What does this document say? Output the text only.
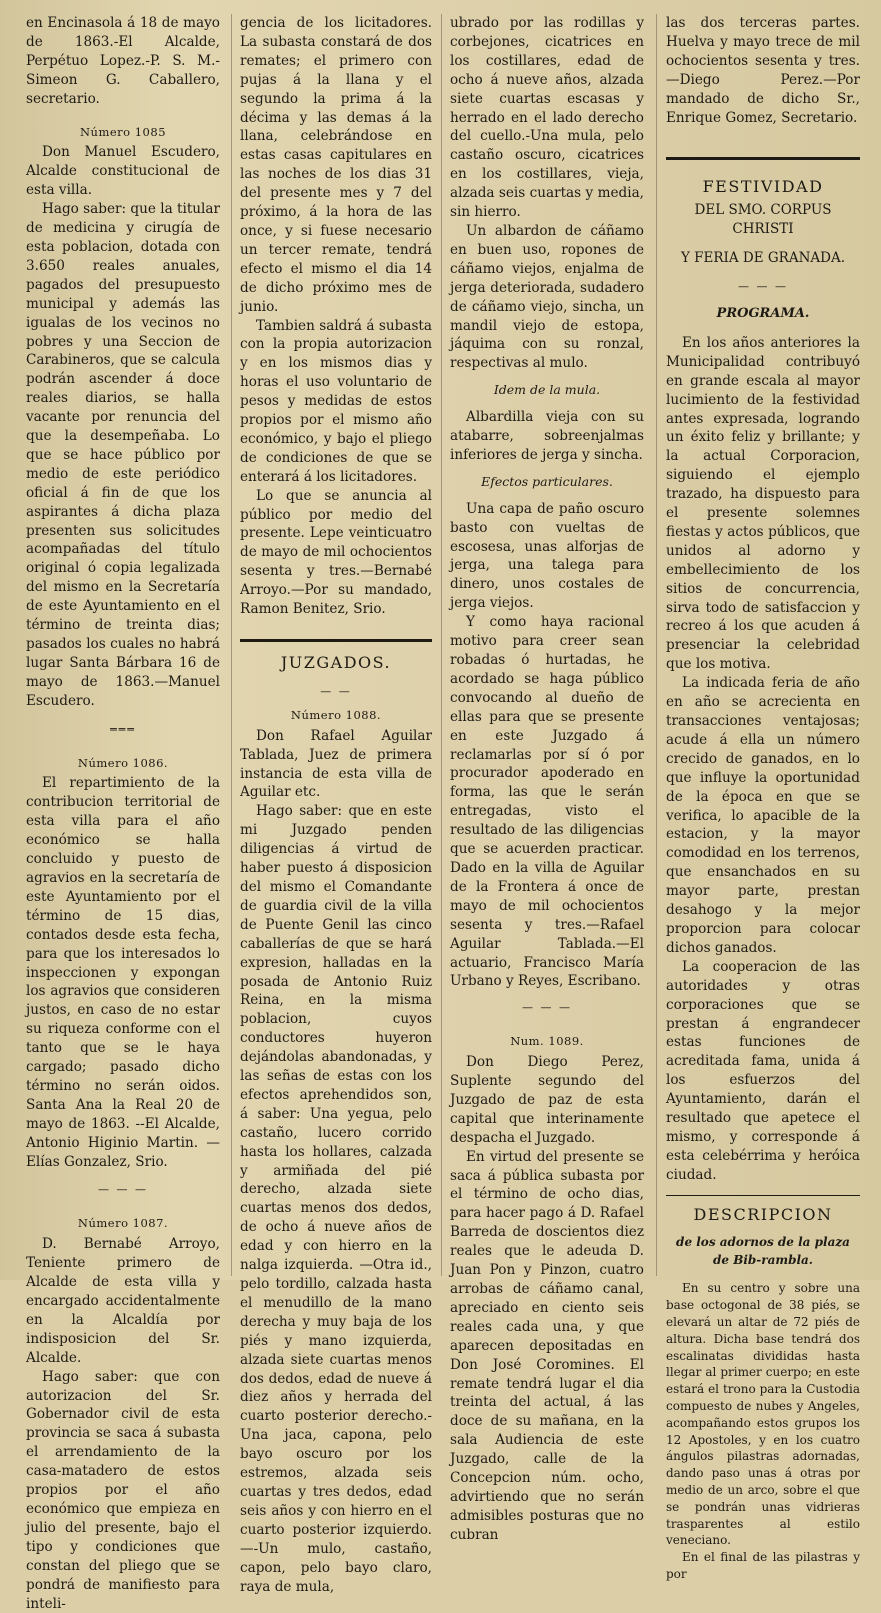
en Encinasola á 18 de mayo de 1863.-El Alcalde, Perpétuo Lopez.-P. S. M.-Simeon G. Caballero, secretario.

Número 1085

Don Manuel Escudero, Alcalde constitucional de esta villa.

Hago saber: que la titular de medicina y cirugía de esta poblacion, dotada con 3.650 reales anuales, pagados del presupuesto municipal y además las igualas de los vecinos no pobres y una Seccion de Carabineros, que se calcula podrán ascender á doce reales diarios, se halla vacante por renuncia del que la desempeñaba. Lo que se hace público por medio de este periódico oficial á fin de que los aspirantes á dicha plaza presenten sus solicitudes acompañadas del título original ó copia legalizada del mismo en la Secretaría de este Ayuntamiento en el término de treinta dias; pasados los cuales no habrá lugar Santa Bárbara 16 de mayo de 1863.—Manuel Escudero.

═══
Número 1086.

El repartimiento de la contribucion territorial de esta villa para el año económico se halla concluido y puesto de agravios en la secretaría de este Ayuntamiento por el término de 15 dias, contados desde esta fecha, para que los interesados lo inspeccionen y expongan los agravios que consideren justos, en caso de no estar su riqueza conforme con el tanto que se le haya cargado; pasado dicho término no serán oidos. Santa Ana la Real 20 de mayo de 1863. --El Alcalde, Antonio Higinio Martin. —Elías Gonzalez, Srio.

— — —
Número 1087.

D. Bernabé Arroyo, Teniente primero de Alcalde de esta villa y encargado accidentalmente en la Alcaldía por indisposicion del Sr. Alcalde.

Hago saber: que con autorizacion del Sr. Gobernador civil de esta provincia se saca á subasta el arrendamiento de la casa-matadero de estos propios por el año económico que empieza en julio del presente, bajo el tipo y condiciones que constan del pliego que se pondrá de manifiesto para inteli-

gencia de los licitadores. La subasta constará de dos remates; el primero con pujas á la llana y el segundo la prima á la décima y las demas á la llana, celebrándose en estas casas capitulares en las noches de los dias 31 del presente mes y 7 del próximo, á la hora de las once, y si fuese necesario un tercer remate, tendrá efecto el mismo el dia 14 de dicho próximo mes de junio.

Tambien saldrá á subasta con la propia autorizacion y en los mismos dias y horas el uso voluntario de pesos y medidas de estos propios por el mismo año económico, y bajo el pliego de condiciones de que se enterará á los licitadores.

Lo que se anuncia al público por medio del presente. Lepe veinticuatro de mayo de mil ochocientos sesenta y tres.—Bernabé Arroyo.—Por su mandado, Ramon Benitez, Srio.

JUZGADOS.
— —
Número 1088.

Don Rafael Aguilar Tablada, Juez de primera instancia de esta villa de Aguilar etc.

Hago saber: que en este mi Juzgado penden diligencias á virtud de haber puesto á disposicion del mismo el Comandante de guardia civil de la villa de Puente Genil las cinco caballerías de que se hará expresion, halladas en la posada de Antonio Ruiz Reina, en la misma poblacion, cuyos conductores huyeron dejándolas abandonadas, y las señas de estas con los efectos aprehendidos son, á saber: Una yegua, pelo castaño, lucero corrido hasta los hollares, calzada y armiñada del pié derecho, alzada siete cuartas menos dos dedos, de ocho á nueve años de edad y con hierro en la nalga izquierda. —Otra id., pelo tordillo, calzada hasta el menudillo de la mano derecha y muy baja de los piés y mano izquierda, alzada siete cuartas menos dos dedos, edad de nueve á diez años y herrada del cuarto posterior derecho.-Una jaca, capona, pelo bayo oscuro por los estremos, alzada seis cuartas y tres dedos, edad seis años y con hierro en el cuarto posterior izquierdo.—-Un mulo, castaño, capon, pelo bayo claro, raya de mula,

ubrado por las rodillas y corbejones, cicatrices en los costillares, edad de ocho á nueve años, alzada siete cuartas escasas y herrado en el lado derecho del cuello.-Una mula, pelo castaño oscuro, cicatrices en los costillares, vieja, alzada seis cuartas y media, sin hierro.

Un albardon de cáñamo en buen uso, ropones de cáñamo viejos, enjalma de jerga deteriorada, sudadero de cáñamo viejo, sincha, un mandil viejo de estopa, jáquima con su ronzal, respectivas al mulo.

Idem de la mula.

Albardilla vieja con su atabarre, sobreenjalmas inferiores de jerga y sincha.

Efectos particulares.

Una capa de paño oscuro basto con vueltas de escosesa, unas alforjas de jerga, una talega para dinero, unos costales de jerga viejos.

Y como haya racional motivo para creer sean robadas ó hurtadas, he acordado se haga público convocando al dueño de ellas para que se presente en este Juzgado á reclamarlas por sí ó por procurador apoderado en forma, las que le serán entregadas, visto el resultado de las diligencias que se acuerden practicar. Dado en la villa de Aguilar de la Frontera á once de mayo de mil ochocientos sesenta y tres.—Rafael Aguilar Tablada.—El actuario, Francisco María Urbano y Reyes, Escribano.

— — —
Num. 1089.

Don Diego Perez, Suplente segundo del Juzgado de paz de esta capital que interinamente despacha el Juzgado.

En virtud del presente se saca á pública subasta por el término de ocho dias, para hacer pago á D. Rafael Barreda de doscientos diez reales que le adeuda D. Juan Pon y Pinzon, cuatro arrobas de cáñamo canal, apreciado en ciento seis reales cada una, y que aparecen depositadas en Don José Coromines. El remate tendrá lugar el dia treinta del actual, á las doce de su mañana, en la sala Audiencia de este Juzgado, calle de la Concepcion núm. ocho, advirtiendo que no serán admisibles posturas que no cubran

las dos terceras partes. Huelva y mayo trece de mil ochocientos sesenta y tres.—Diego Perez.—Por mandado de dicho Sr., Enrique Gomez, Secretario.

FESTIVIDAD
DEL SMO. CORPUS CHRISTI
Y FERIA DE GRANADA.
— — —
PROGRAMA.

En los años anteriores la Municipalidad contribuyó en grande escala al mayor lucimiento de la festividad antes expresada, logrando un éxito feliz y brillante; y la actual Corporacion, siguiendo el ejemplo trazado, ha dispuesto para el presente solemnes fiestas y actos públicos, que unidos al adorno y embellecimiento de los sitios de concurrencia, sirva todo de satisfaccion y recreo á los que acuden á presenciar la celebridad que los motiva.

La indicada feria de año en año se acrecienta en transacciones ventajosas; acude á ella un número crecido de ganados, en lo que influye la oportunidad de la época en que se verifica, lo apacible de la estacion, y la mayor comodidad en los terrenos, que ensanchados en su mayor parte, prestan desahogo y la mejor proporcion para colocar dichos ganados.

La cooperacion de las autoridades y otras corporaciones que se prestan á engrandecer estas funciones de acreditada fama, unida á los esfuerzos del Ayuntamiento, darán el resultado que apetece el mismo, y corresponde á esta celebérrima y heróica ciudad.

DESCRIPCION
de los adornos de la plaza de Bib-rambla.

En su centro y sobre una base octogonal de 38 piés, se elevará un altar de 72 piés de altura. Dicha base tendrá dos escalinatas divididas hasta llegar al primer cuerpo; en este estará el trono para la Custodia compuesto de nubes y Angeles, acompañando estos grupos los 12 Apostoles, y en los cuatro ángulos pilastras adornadas, dando paso unas á otras por medio de un arco, sobre el que se pondrán unas vidrieras trasparentes al estilo veneciano.

En el final de las pilastras y por
